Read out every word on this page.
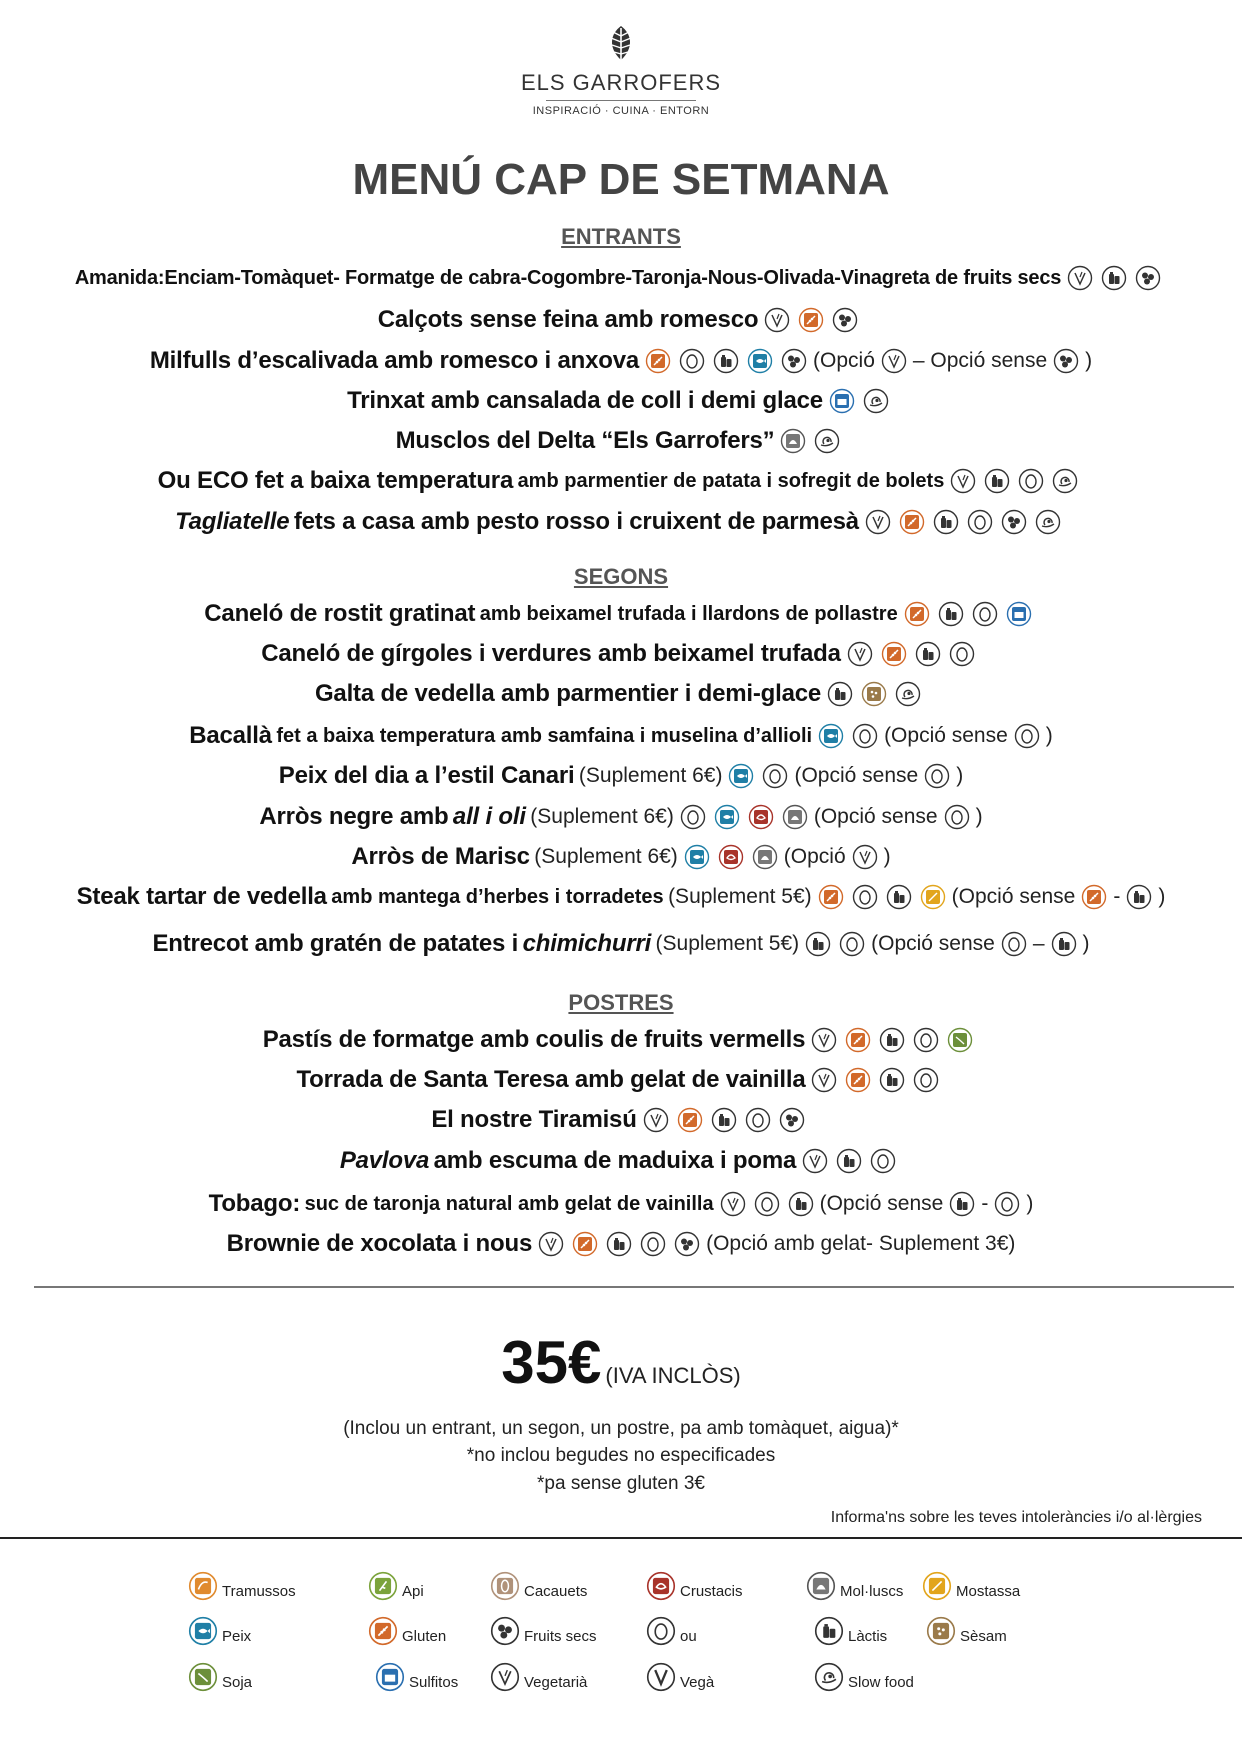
ELS GARROFERS
INSPIRACIÓ · CUINA · ENTORN
MENÚ CAP DE SETMANA
ENTRANTS
Amanida:Enciam-Tomàquet- Formatge de cabra-Cogombre-Taronja-Nous-Olivada-Vinagreta de fruits secs
Calçots sense feina amb romesco
Milfulls d’escalivada amb romesco i anxova	(Opció – Opció sense )
Trinxat amb cansalada de coll i demi glace
Musclos del Delta “Els Garrofers”
Ou ECO fet a baixa temperatura
amb parmentier de patata i sofregit de bolets
Tagliatelle
fets a casa amb pesto rosso i cruixent de parmesà
SEGONS
Caneló de rostit gratinat
amb beixamel trufada i llardons de pollastre
Caneló de gírgoles i verdures amb beixamel trufada
Galta de vedella amb parmentier i demi-glace
Bacallà
fet a baixa temperatura amb samfaina i muselina d’allioli	(Opció sense )
Peix del dia a l’estil Canari
(Suplement 6€)	(Opció sense )
Arròs negre amb
all i oli
(Suplement 6€)	(Opció sense )
Arròs de Marisc
(Suplement 6€)	(Opció )
Steak tartar de vedella
amb mantega d’herbes i torradetes
(Suplement 5€)	(Opció sense - )
Entrecot amb gratén de patates i
chimichurri
(Suplement 5€)	(Opció sense – )
POSTRES
Pastís de formatge amb coulis de fruits vermells
Torrada de Santa Teresa amb gelat de vainilla
El nostre Tiramisú
Pavlova
amb escuma de maduixa i poma
Tobago:
suc de taronja natural amb gelat de vainilla	(Opció sense - )
Brownie de xocolata i nous	(Opció amb gelat- Suplement 3€)
35€ (IVA INCLÒS)
(Inclou un entrant, un segon, un postre, pa amb tomàquet, aigua)*
*no inclou begudes no especificades
*pa sense gluten 3€
Informa'ns sobre les teves intoleràncies i/o al·lèrgies
Tramussos	Api	Cacauets	Crustacis	Mol·luscs	Mostassa
Peix	Gluten	Fruits secs	ou	Làctis	Sèsam
Soja	Sulfitos	Vegetarià	Vegà	Slow food
